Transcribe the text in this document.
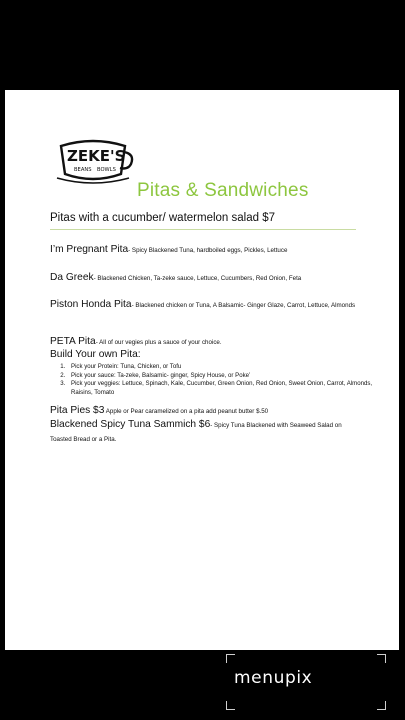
ZEKE'S
BEANS BOWLS
Pitas & Sandwiches
Pitas with a cucumber/ watermelon salad $7
I’m Pregnant Pita- Spicy Blackened Tuna, hardboiled eggs, Pickles, Lettuce
Da Greek- Blackened Chicken, Ta-zeke sauce, Lettuce, Cucumbers, Red Onion, Feta
Piston Honda Pita- Blackened chicken or Tuna, A Balsamic- Ginger Glaze, Carrot, Lettuce, Almonds
PETA Pita- All of our vegies plus a sauce of your choice.
Build Your own Pita:
1. Pick your Protein: Tuna, Chicken, or Tofu
2. Pick your sauce: Ta-zeke, Balsamic- ginger, Spicy House, or Poke’
3. Pick your veggies: Lettuce, Spinach, Kale, Cucumber, Green Onion, Red Onion, Sweet Onion, Carrot, Almonds, Raisins, Tomato
Pita Pies $3 Apple or Pear caramelized on a pita add peanut butter $.50
Blackened Spicy Tuna Sammich $6- Spicy Tuna Blackened with Seaweed Salad on Toasted Bread or a Pita.
menupix
